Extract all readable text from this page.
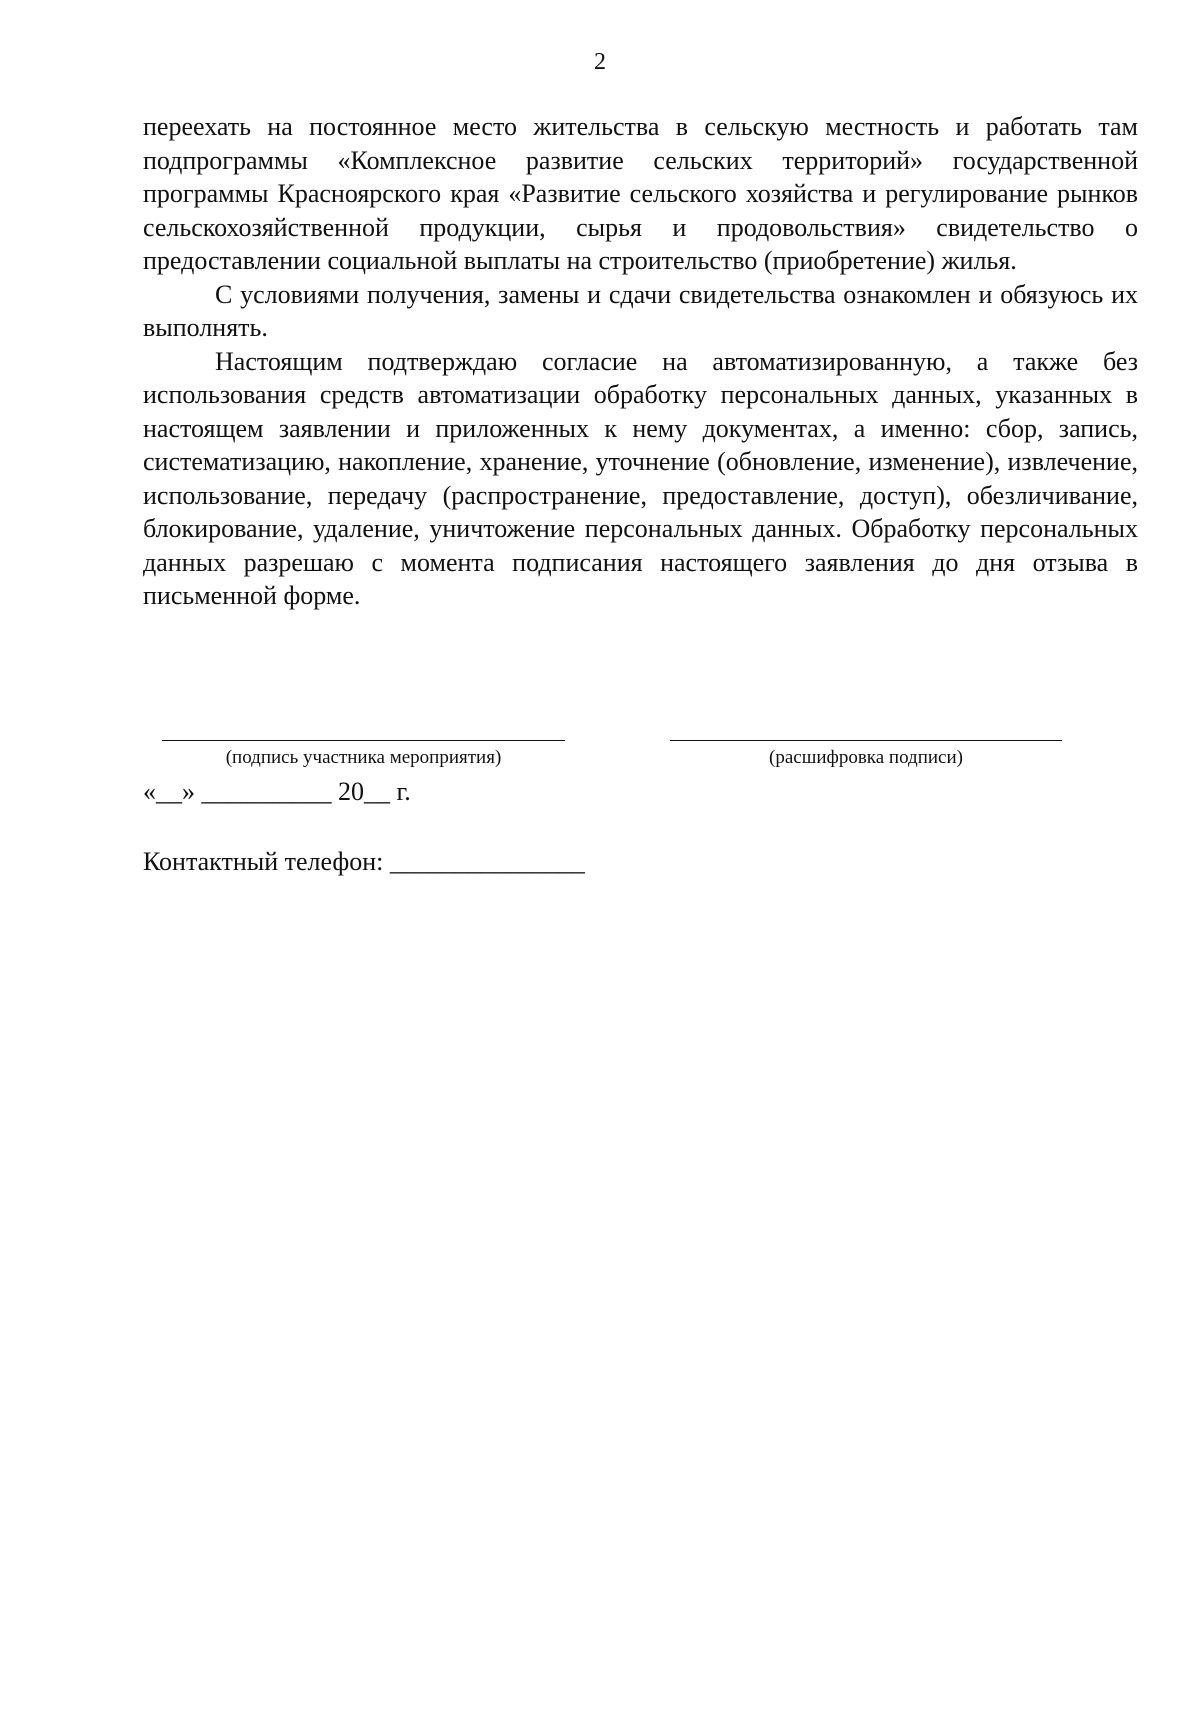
2

переехать на постоянное место жительства в сельскую местность и работать там подпрограммы «Комплексное развитие сельских территорий» государственной программы Красноярского края «Развитие сельского хозяйства и регулирование рынков сельскохозяйственной продукции, сырья и продовольствия» свидетельство о предоставлении социальной выплаты на строительство (приобретение) жилья.

С условиями получения, замены и сдачи свидетельства ознакомлен и обязуюсь их выполнять.

Настоящим подтверждаю согласие на автоматизированную, а также без использования средств автоматизации обработку персональных данных, указанных в настоящем заявлении и приложенных к нему документах, а именно: сбор, запись, систематизацию, накопление, хранение, уточнение (обновление, изменение), извлечение, использование, передачу (распространение, предоставление, доступ), обезличивание, блокирование, удаление, уничтожение персональных данных. Обработку персональных данных разрешаю с момента подписания настоящего заявления до дня отзыва в письменной форме.

(подпись участника мероприятия)	(расшифровка подписи)
«__» __________ 20__ г.
Контактный телефон: _______________
